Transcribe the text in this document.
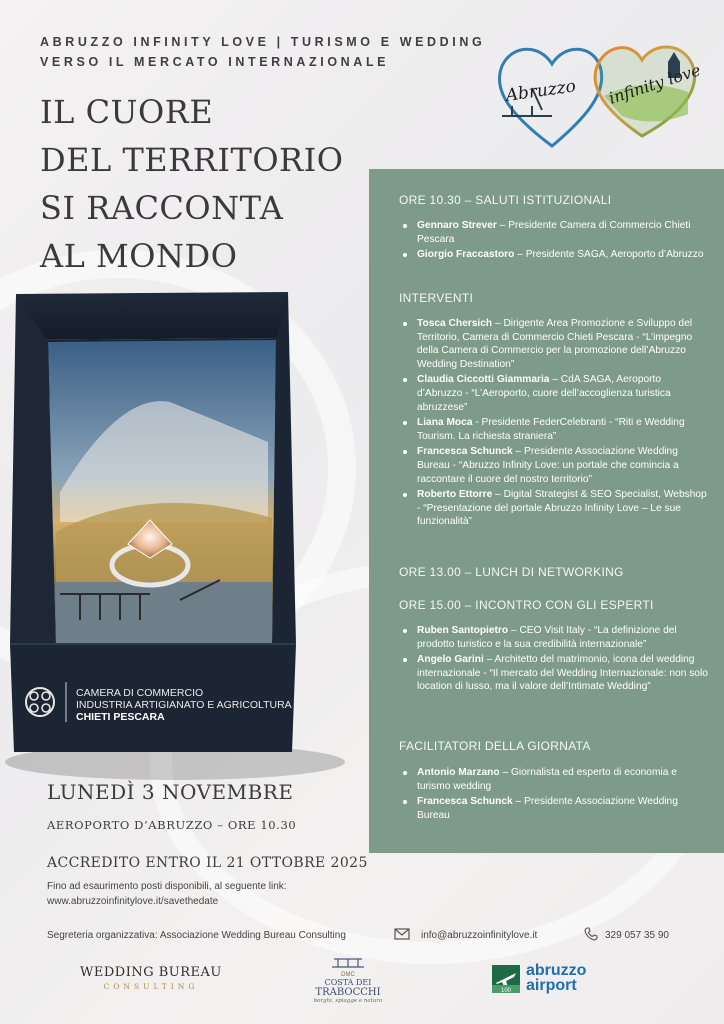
ABRUZZO INFINITY LOVE | TURISMO E WEDDING
VERSO IL MERCATO INTERNAZIONALE
IL CUORE
DEL TERRITORIO
SI RACCONTA
AL MONDO
Abruzzo infinity love
CAMERA DI COMMERCIO
INDUSTRIA ARTIGIANATO E AGRICOLTURA
CHIETI PESCARA
ORE 10.30 – SALUTI ISTITUZIONALI
Gennaro Strever – Presidente Camera di Commercio Chieti Pescara
Giorgio Fraccastoro – Presidente SAGA, Aeroporto d’Abruzzo
INTERVENTI
Tosca Chersich – Dirigente Area Promozione e Sviluppo del Territorio, Camera di Commercio Chieti Pescara - “L’impegno della Camera di Commercio per la promozione dell’Abruzzo Wedding Destination”
Claudia Ciccotti Giammaria – CdA SAGA, Aeroporto d’Abruzzo - “L’Aeroporto, cuore dell’accoglienza turistica abruzzese”
Liana Moca - Presidente FederCelebranti - “Riti e Wedding Tourism. La richiesta straniera”
Francesca Schunck – Presidente Associazione Wedding Bureau - “Abruzzo Infinity Love: un portale che comincia a raccontare il cuore del nostro territorio”
Roberto Ettorre – Digital Strategist & SEO Specialist, Webshop - “Presentazione del portale Abruzzo Infinity Love – Le sue funzionalità”
ORE 13.00 – LUNCH DI NETWORKING
ORE 15.00 – INCONTRO CON GLI ESPERTI
Ruben Santopietro – CEO Visit Italy - “La definizione del prodotto turistico e la sua credibilità internazionale”
Angelo Garini – Architetto del matrimonio, icona del wedding internazionale - “Il mercato del Wedding Internazionale: non solo location di lusso, ma il valore dell’Intimate Wedding”
FACILITATORI DELLA GIORNATA
Antonio Marzano – Giornalista ed esperto di economia e turismo wedding
Francesca Schunck – Presidente Associazione Wedding Bureau
LUNEDÌ 3 NOVEMBRE
AEROPORTO D’ABRUZZO – ORE 10.30
ACCREDITO ENTRO IL 21 OTTOBRE 2025
Fino ad esaurimento posti disponibili, al seguente link:
www.abruzzoinfinitylove.it/savethedate
Segreteria organizzativa: Associazione Wedding Bureau Consulting	info@abruzzoinfinitylove.it	329 057 35 90
WEDDING BUREAU
CONSULTING
DMC
COSTA DEI
TRABOCCHI
borghi, spiagge e natura
100
abruzzo
airport
